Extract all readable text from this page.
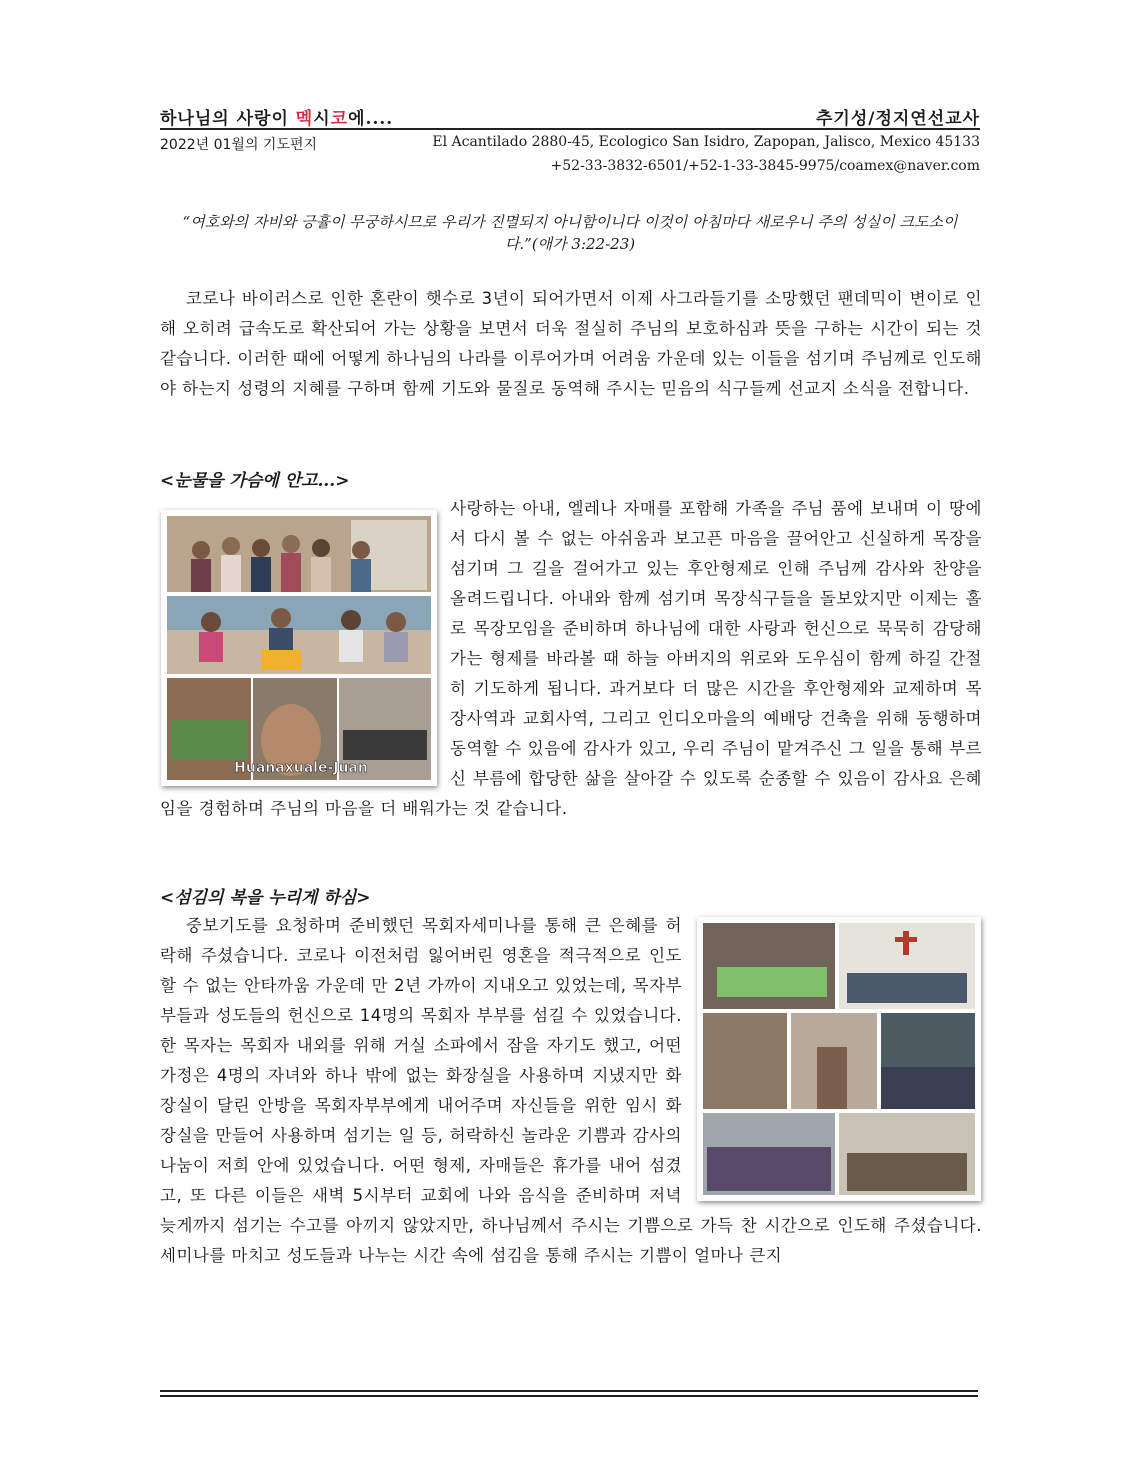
하나님의 사랑이 멕시코에....	추기성/정지연선교사
2022년 01월의 기도편지	El Acantilado 2880-45, Ecologico San Isidro, Zapopan, Jalisco, Mexico 45133
+52-33-3832-6501/+52-1-33-3845-9975/coamex@naver.com
“여호와의 자비와 긍휼이 무궁하시므로 우리가 진멸되지 아니함이니다 이것이 아침마다 새로우니 주의 성실이 크도소이다.”(애가 3:22-23)

코로나 바이러스로 인한 혼란이 햇수로 3년이 되어가면서 이제 사그라들기를 소망했던 팬데믹이 변이로 인해 오히려 급속도로 확산되어 가는 상황을 보면서 더욱 절실히 주님의 보호하심과 뜻을 구하는 시간이 되는 것 같습니다. 이러한 때에 어떻게 하나님의 나라를 이루어가며 어려움 가운데 있는 이들을 섬기며 주님께로 인도해야 하는지 성령의 지혜를 구하며 함께 기도와 물질로 동역해 주시는 믿음의 식구들께 선교지 소식을 전합니다.

<눈물을 가슴에 안고...>
Huanaxuale-Juan
사랑하는 아내, 엘레나 자매를 포함해 가족을 주님 품에 보내며 이 땅에서 다시 볼 수 없는 아쉬움과 보고픈 마음을 끌어안고 신실하게 목장을 섬기며 그 길을 걸어가고 있는 후안형제로 인해 주님께 감사와 찬양을 올려드립니다. 아내와 함께 섬기며 목장식구들을 돌보았지만 이제는 홀로 목장모임을 준비하며 하나님에 대한 사랑과 헌신으로 묵묵히 감당해 가는 형제를 바라볼 때 하늘 아버지의 위로와 도우심이 함께 하길 간절히 기도하게 됩니다. 과거보다 더 많은 시간을 후안형제와 교제하며 목장사역과 교회사역, 그리고 인디오마을의 예배당 건축을 위해 동행하며 동역할 수 있음에 감사가 있고, 우리 주님이 맡겨주신 그 일을 통해 부르신 부름에 합당한 삶을 살아갈 수 있도록 순종할 수 있음이 감사요 은혜임을 경험하며 주님의 마음을 더 배워가는 것 같습니다.
<섬김의 복을 누리게 하심>
중보기도를 요청하며 준비했던 목회자세미나를 통해 큰 은혜를 허락해 주셨습니다. 코로나 이전처럼 잃어버린 영혼을 적극적으로 인도할 수 없는 안타까움 가운데 만 2년 가까이 지내오고 있었는데, 목자부부들과 성도들의 헌신으로 14명의 목회자 부부를 섬길 수 있었습니다. 한 목자는 목회자 내외를 위해 거실 소파에서 잠을 자기도 했고, 어떤 가정은 4명의 자녀와 하나 밖에 없는 화장실을 사용하며 지냈지만 화장실이 달린 안방을 목회자부부에게 내어주며 자신들을 위한 임시 화장실을 만들어 사용하며 섬기는 일 등, 허락하신 놀라운 기쁨과 감사의 나눔이 저희 안에 있었습니다. 어떤 형제, 자매들은 휴가를 내어 섬겼고, 또 다른 이들은 새벽 5시부터 교회에 나와 음식을 준비하며 저녁 늦게까지 섬기는 수고를 아끼지 않았지만, 하나님께서 주시는 기쁨으로 가득 찬 시간으로 인도해 주셨습니다. 세미나를 마치고 성도들과 나누는 시간 속에 섬김을 통해 주시는 기쁨이 얼마나 큰지
